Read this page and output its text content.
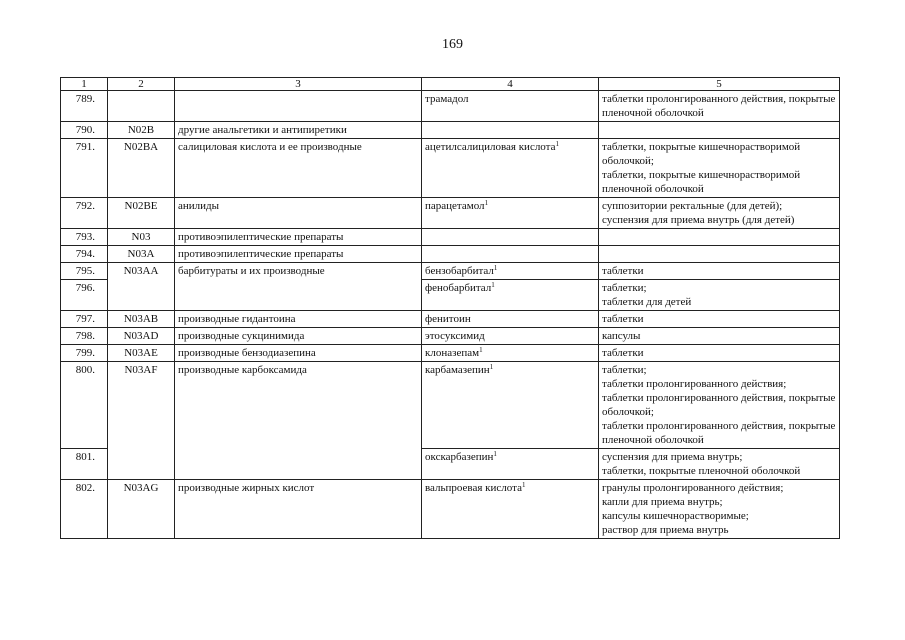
169
1	2	3	4	5
789.			трамадол	таблетки пролонгированного действия, покрытые пленочной оболочкой

790.	N02B	другие анальгетики и антипиретики		
791.	N02BA	салициловая кислота и ее производные	ацетилсалициловая кислота$^1$	таблетки, покрытые кишечнорастворимой оболочкой;
таблетки, покрытые кишечнорастворимой пленочной оболочкой

792.	N02BE	анилиды	парацетамол$^1$	суппозитории ректальные (для детей);
суспензия для приема внутрь (для детей)

793.	N03	противоэпилептические препараты		
794.	N03A	противоэпилептические препараты		
795.	N03AA	барбитураты и их производные	бензобарбитал$^1$	таблетки

796.			фенобарбитал$^1$	таблетки;
таблетки для детей

797.	N03AB	производные гидантоина	фенитоин	таблетки

798.	N03AD	производные сукцинимида	этосуксимид	капсулы

799.	N03AE	производные бензодиазепина	клоназепам$^1$	таблетки

800.	N03AF	производные карбоксамида	карбамазепин$^1$	таблетки;
таблетки пролонгированного действия;
таблетки пролонгированного действия, покрытые оболочкой;
таблетки пролонгированного действия, покрытые пленочной оболочкой

801.			окскарбазепин$^1$	суспензия для приема внутрь;
таблетки, покрытые пленочной оболочкой

802.	N03AG	производные жирных кислот	вальпроевая кислота$^1$	гранулы пролонгированного действия;
капли для приема внутрь;
капсулы кишечнорастворимые;
раствор для приема внутрь
